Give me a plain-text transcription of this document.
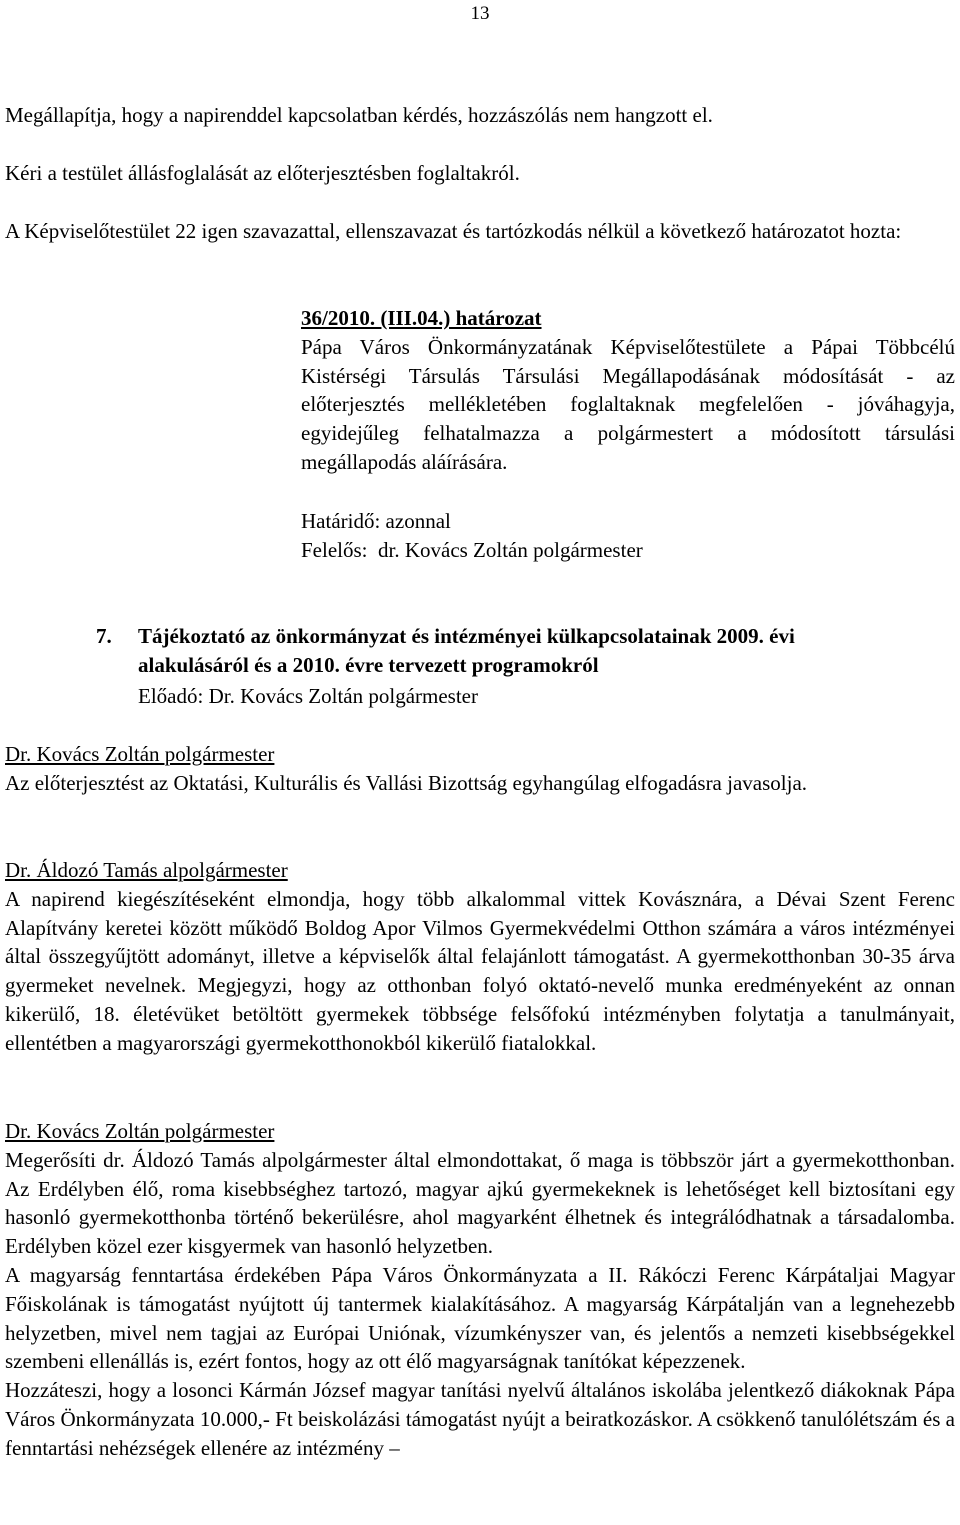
13

Megállapítja, hogy a napirenddel kapcsolatban kérdés, hozzászólás nem hangzott el.

Kéri a testület állásfoglalását az előterjesztésben foglaltakról.

A Képviselőtestület 22 igen szavazattal, ellenszavazat és tartózkodás nélkül a következő határozatot hozta:

36/2010. (III.04.) határozat
Pápa Város Önkormányzatának Képviselőtestülete a Pápai Többcélú Kistérségi Társulás Társulási Megállapodásának módosítását - az előterjesztés mellékletében foglaltaknak megfelelően - jóváhagyja, egyidejűleg felhatalmazza a polgármestert a módosított társulási megállapodás aláírására.
Határidő: azonnal
Felelős:  dr. Kovács Zoltán polgármester
7. Tájékoztató az önkormányzat és intézményei külkapcsolatainak 2009. évi
alakulásáról és a 2010. évre tervezett programokról
Előadó: Dr. Kovács Zoltán polgármester
Dr. Kovács Zoltán polgármester
Az előterjesztést az Oktatási, Kulturális és Vallási Bizottság egyhangúlag elfogadásra javasolja.
Dr. Áldozó Tamás alpolgármester
A napirend kiegészítéseként elmondja, hogy több alkalommal vittek Kovásznára, a Dévai Szent Ferenc Alapítvány keretei között működő Boldog Apor Vilmos Gyermekvédelmi Otthon számára a város intézményei által összegyűjtött adományt, illetve a képviselők által felajánlott támogatást. A gyermekotthonban 30-35 árva gyermeket nevelnek. Megjegyzi, hogy az otthonban folyó oktató-nevelő munka eredményeként az onnan kikerülő, 18. életévüket betöltött gyermekek többsége felsőfokú intézményben folytatja a tanulmányait, ellentétben a magyarországi gyermekotthonokból kikerülő fiatalokkal.
Dr. Kovács Zoltán polgármester
Megerősíti dr. Áldozó Tamás alpolgármester által elmondottakat, ő maga is többször járt a gyermekotthonban. Az Erdélyben élő, roma kisebbséghez tartozó, magyar ajkú gyermekeknek is lehetőséget kell biztosítani egy hasonló gyermekotthonba történő bekerülésre, ahol magyarként élhetnek és integrálódhatnak a társadalomba. Erdélyben közel ezer kisgyermek van hasonló helyzetben.
A magyarság fenntartása érdekében Pápa Város Önkormányzata a II. Rákóczi Ferenc Kárpátaljai Magyar Főiskolának is támogatást nyújtott új tantermek kialakításához. A magyarság Kárpátalján van a legnehezebb helyzetben, mivel nem tagjai az Európai Uniónak, vízumkényszer van, és jelentős a nemzeti kisebbségekkel szembeni ellenállás is, ezért fontos, hogy az ott élő magyarságnak tanítókat képezzenek.
Hozzáteszi, hogy a losonci Kármán József magyar tanítási nyelvű általános iskolába jelentkező diákoknak Pápa Város Önkormányzata 10.000,- Ft beiskolázási támogatást nyújt a beiratkozáskor. A csökkenő tanulólétszám és a fenntartási nehézségek ellenére az intézmény –
